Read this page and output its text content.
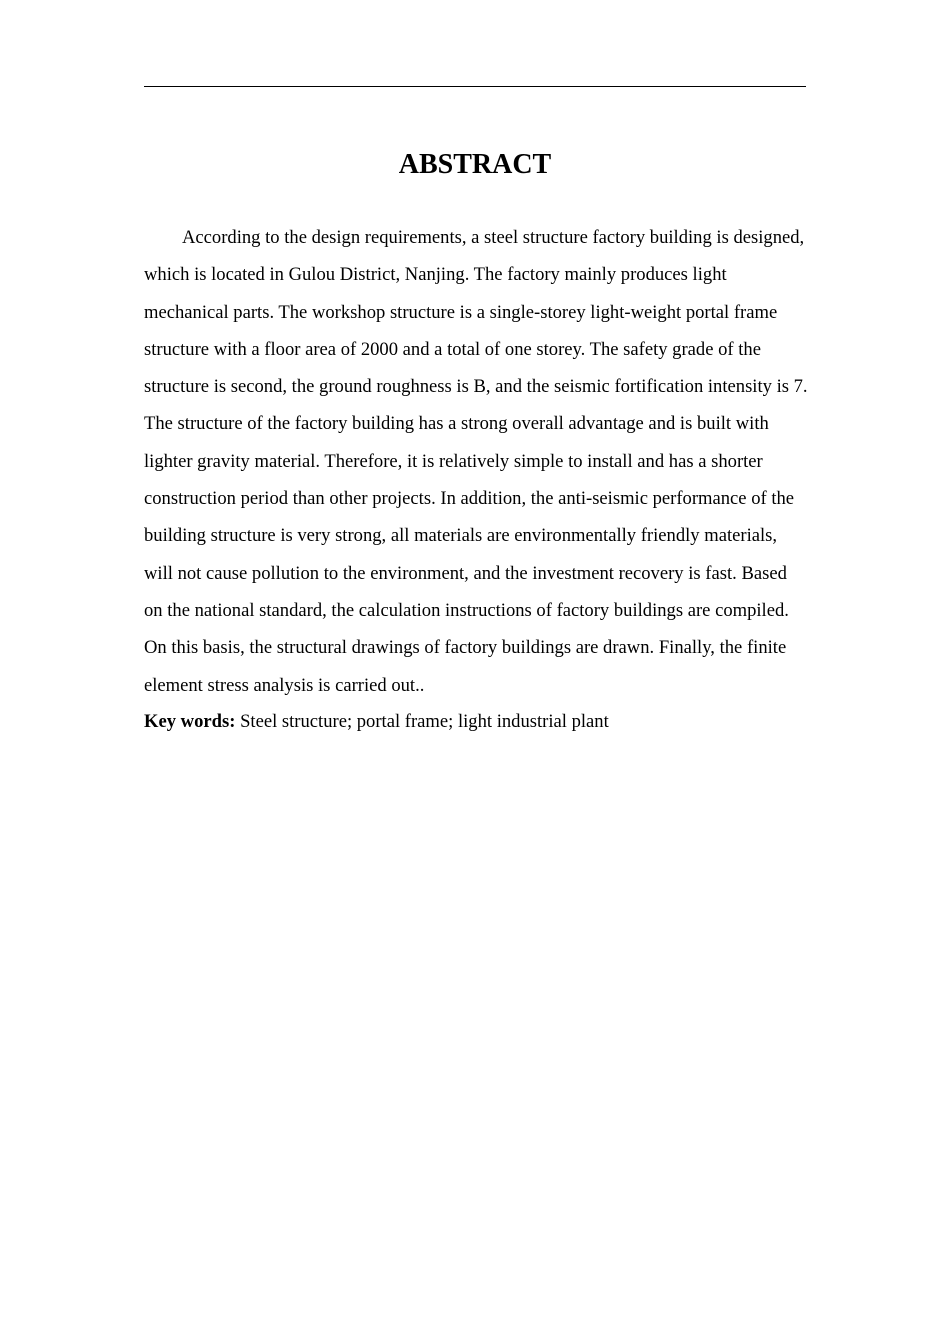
ABSTRACT

According to the design requirements, a steel structure factory building is designed, which is located in Gulou District, Nanjing. The factory mainly produces light mechanical parts. The workshop structure is a single-storey light-weight portal frame structure with a floor area of 2000 and a total of one storey. The safety grade of the structure is second, the ground roughness is B, and the seismic fortification intensity is 7. The structure of the factory building has a strong overall advantage and is built with lighter gravity material. Therefore, it is relatively simple to install and has a shorter construction period than other projects. In addition, the anti-seismic performance of the building structure is very strong, all materials are environmentally friendly materials, will not cause pollution to the environment, and the investment recovery is fast. Based on the national standard, the calculation instructions of factory buildings are compiled. On this basis, the structural drawings of factory buildings are drawn. Finally, the finite element stress analysis is carried out..

Key words: Steel structure; portal frame; light industrial plant
